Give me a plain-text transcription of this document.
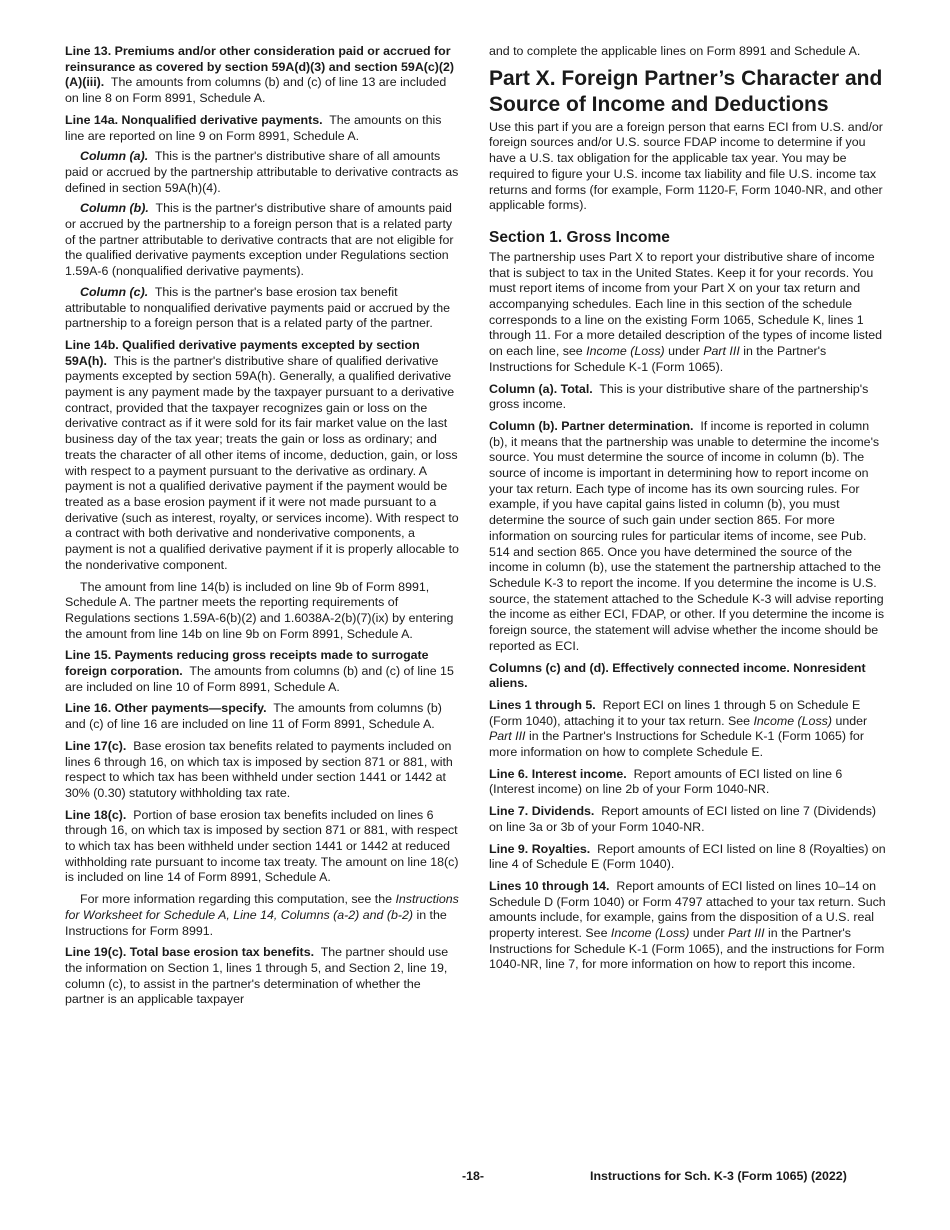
Line 13. Premiums and/or other consideration paid or accrued for reinsurance as covered by section 59A(d)(3) and section 59A(c)(2)(A)(iii). The amounts from columns (b) and (c) of line 13 are included on line 8 on Form 8991, Schedule A.

Line 14a. Nonqualified derivative payments. The amounts on this line are reported on line 9 on Form 8991, Schedule A.

Column (a). This is the partner's distributive share of all amounts paid or accrued by the partnership attributable to derivative contracts as defined in section 59A(h)(4).

Column (b). This is the partner's distributive share of amounts paid or accrued by the partnership to a foreign person that is a related party of the partner attributable to derivative contracts that are not eligible for the qualified derivative payments exception under Regulations section 1.59A-6 (nonqualified derivative payments).

Column (c). This is the partner's base erosion tax benefit attributable to nonqualified derivative payments paid or accrued by the partnership to a foreign person that is a related party of the partner.

Line 14b. Qualified derivative payments excepted by section 59A(h). This is the partner's distributive share of qualified derivative payments excepted by section 59A(h). Generally, a qualified derivative payment is any payment made by the taxpayer pursuant to a derivative contract, provided that the taxpayer recognizes gain or loss on the derivative contract as if it were sold for its fair market value on the last business day of the tax year; treats the gain or loss as ordinary; and treats the character of all other items of income, deduction, gain, or loss with respect to a payment pursuant to the derivative as ordinary. A payment is not a qualified derivative payment if the payment would be treated as a base erosion payment if it were not made pursuant to a derivative (such as interest, royalty, or services income). With respect to a contract with both derivative and nonderivative components, a payment is not a qualified derivative payment if it is properly allocable to the nonderivative component.

The amount from line 14(b) is included on line 9b of Form 8991, Schedule A. The partner meets the reporting requirements of Regulations sections 1.59A-6(b)(2) and 1.6038A-2(b)(7)(ix) by entering the amount from line 14b on line 9b on Form 8991, Schedule A.

Line 15. Payments reducing gross receipts made to surrogate foreign corporation. The amounts from columns (b) and (c) of line 15 are included on line 10 of Form 8991, Schedule A.

Line 16. Other payments—specify. The amounts from columns (b) and (c) of line 16 are included on line 11 of Form 8991, Schedule A.

Line 17(c). Base erosion tax benefits related to payments included on lines 6 through 16, on which tax is imposed by section 871 or 881, with respect to which tax has been withheld under section 1441 or 1442 at 30% (0.30) statutory withholding tax rate.

Line 18(c). Portion of base erosion tax benefits included on lines 6 through 16, on which tax is imposed by section 871 or 881, with respect to which tax has been withheld under section 1441 or 1442 at reduced withholding rate pursuant to income tax treaty. The amount on line 18(c) is included on line 14 of Form 8991, Schedule A.

For more information regarding this computation, see the Instructions for Worksheet for Schedule A, Line 14, Columns (a-2) and (b-2) in the Instructions for Form 8991.

Line 19(c). Total base erosion tax benefits. The partner should use the information on Section 1, lines 1 through 5, and Section 2, line 19, column (c), to assist in the partner's determination of whether the partner is an applicable taxpayer

and to complete the applicable lines on Form 8991 and Schedule A.

Part X. Foreign Partner’s Character and Source of Income and Deductions

Use this part if you are a foreign person that earns ECI from U.S. and/or foreign sources and/or U.S. source FDAP income to determine if you have a U.S. tax obligation for the applicable tax year. You may be required to figure your U.S. income tax liability and file U.S. income tax returns and forms (for example, Form 1120-F, Form 1040-NR, and other applicable forms).

Section 1. Gross Income

The partnership uses Part X to report your distributive share of income that is subject to tax in the United States. Keep it for your records. You must report items of income from your Part X on your tax return and accompanying schedules. Each line in this section of the schedule corresponds to a line on the existing Form 1065, Schedule K, lines 1 through 11. For a more detailed description of the types of income listed on each line, see Income (Loss) under Part III in the Partner's Instructions for Schedule K-1 (Form 1065).

Column (a). Total. This is your distributive share of the partnership's gross income.

Column (b). Partner determination. If income is reported in column (b), it means that the partnership was unable to determine the income's source. You must determine the source of income in column (b). The source of income is important in determining how to report income on your tax return. Each type of income has its own sourcing rules. For example, if you have capital gains listed in column (b), you must determine the source of such gain under section 865. For more information on sourcing rules for particular items of income, see Pub. 514 and section 865. Once you have determined the source of the income in column (b), use the statement the partnership attached to the Schedule K-3 to report the income. If you determine the income is U.S. source, the statement attached to the Schedule K-3 will advise reporting the income as either ECI, FDAP, or other. If you determine the income is foreign source, the statement will advise whether the income should be reported as ECI.

Columns (c) and (d). Effectively connected income. Nonresident aliens.

Lines 1 through 5. Report ECI on lines 1 through 5 on Schedule E (Form 1040), attaching it to your tax return. See Income (Loss) under Part III in the Partner's Instructions for Schedule K-1 (Form 1065) for more information on how to complete Schedule E.

Line 6. Interest income. Report amounts of ECI listed on line 6 (Interest income) on line 2b of your Form 1040-NR.

Line 7. Dividends. Report amounts of ECI listed on line 7 (Dividends) on line 3a or 3b of your Form 1040-NR.

Line 9. Royalties. Report amounts of ECI listed on line 8 (Royalties) on line 4 of Schedule E (Form 1040).

Lines 10 through 14. Report amounts of ECI listed on lines 10–14 on Schedule D (Form 1040) or Form 4797 attached to your tax return. Such amounts include, for example, gains from the disposition of a U.S. real property interest. See Income (Loss) under Part III in the Partner's Instructions for Schedule K-1 (Form 1065), and the instructions for Form 1040-NR, line 7, for more information on how to report this income.

-18-	Instructions for Sch. K-3 (Form 1065) (2022)
